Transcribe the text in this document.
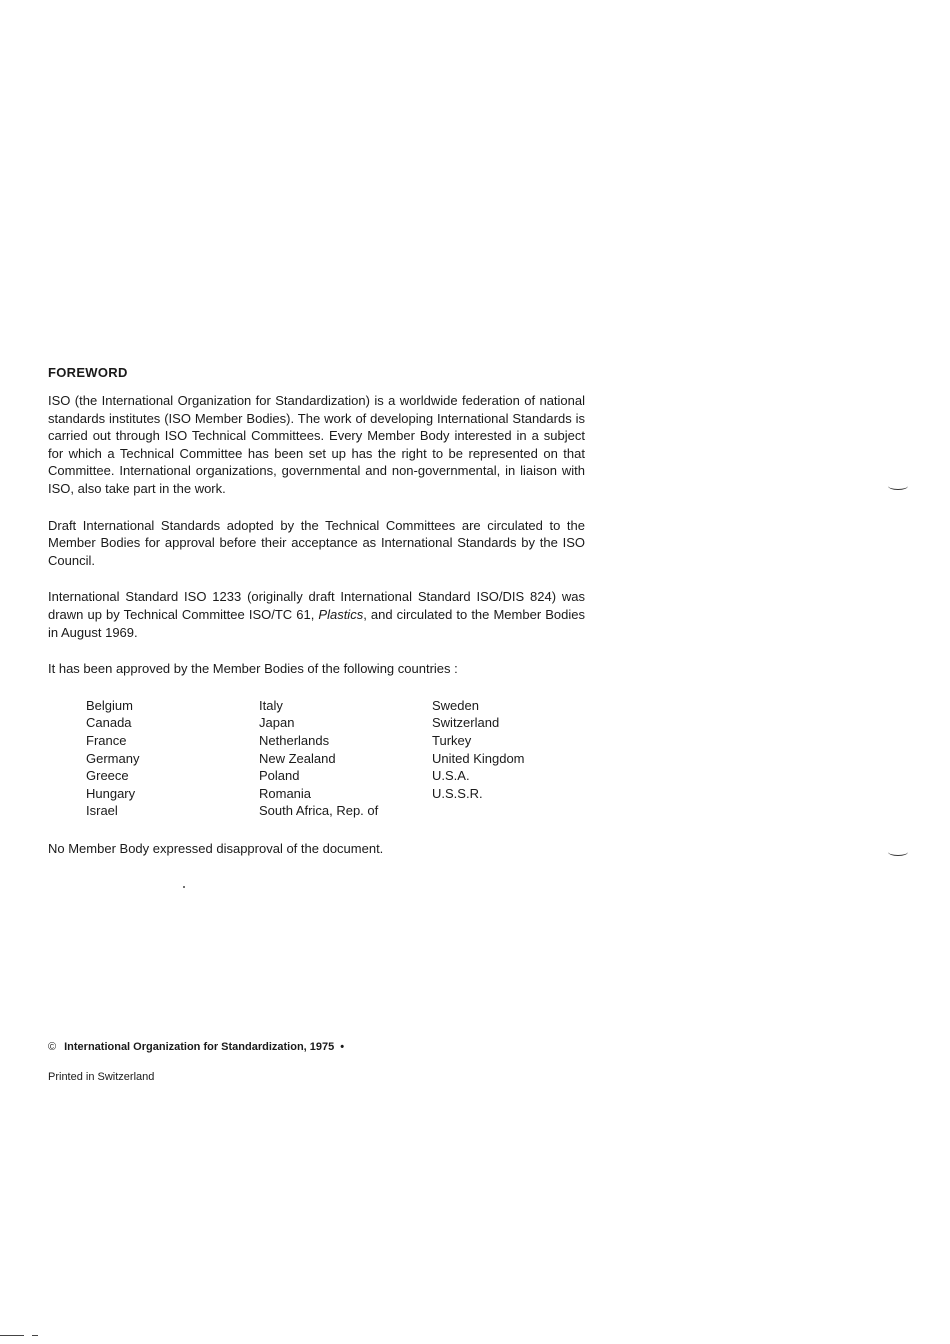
FOREWORD

ISO (the International Organization for Standardization) is a worldwide federation of national standards institutes (ISO Member Bodies). The work of developing International Standards is carried out through ISO Technical Committees. Every Member Body interested in a subject for which a Technical Committee has been set up has the right to be represented on that Committee. International organizations, governmental and non-governmental, in liaison with ISO, also take part in the work.

Draft International Standards adopted by the Technical Committees are circulated to the Member Bodies for approval before their acceptance as International Standards by the ISO Council.

International Standard ISO 1233 (originally draft International Standard ISO/DIS 824) was drawn up by Technical Committee ISO/TC 61, Plastics, and circulated to the Member Bodies in August 1969.

It has been approved by the Member Bodies of the following countries :

Belgium
Canada
France
Germany
Greece
Hungary
Israel
Italy
Japan
Netherlands
New Zealand
Poland
Romania
South Africa, Rep. of
Sweden
Switzerland
Turkey
United Kingdom
U.S.A.
U.S.S.R.

No Member Body expressed disapproval of the document.

© International Organization for Standardization, 1975 •
Printed in Switzerland
